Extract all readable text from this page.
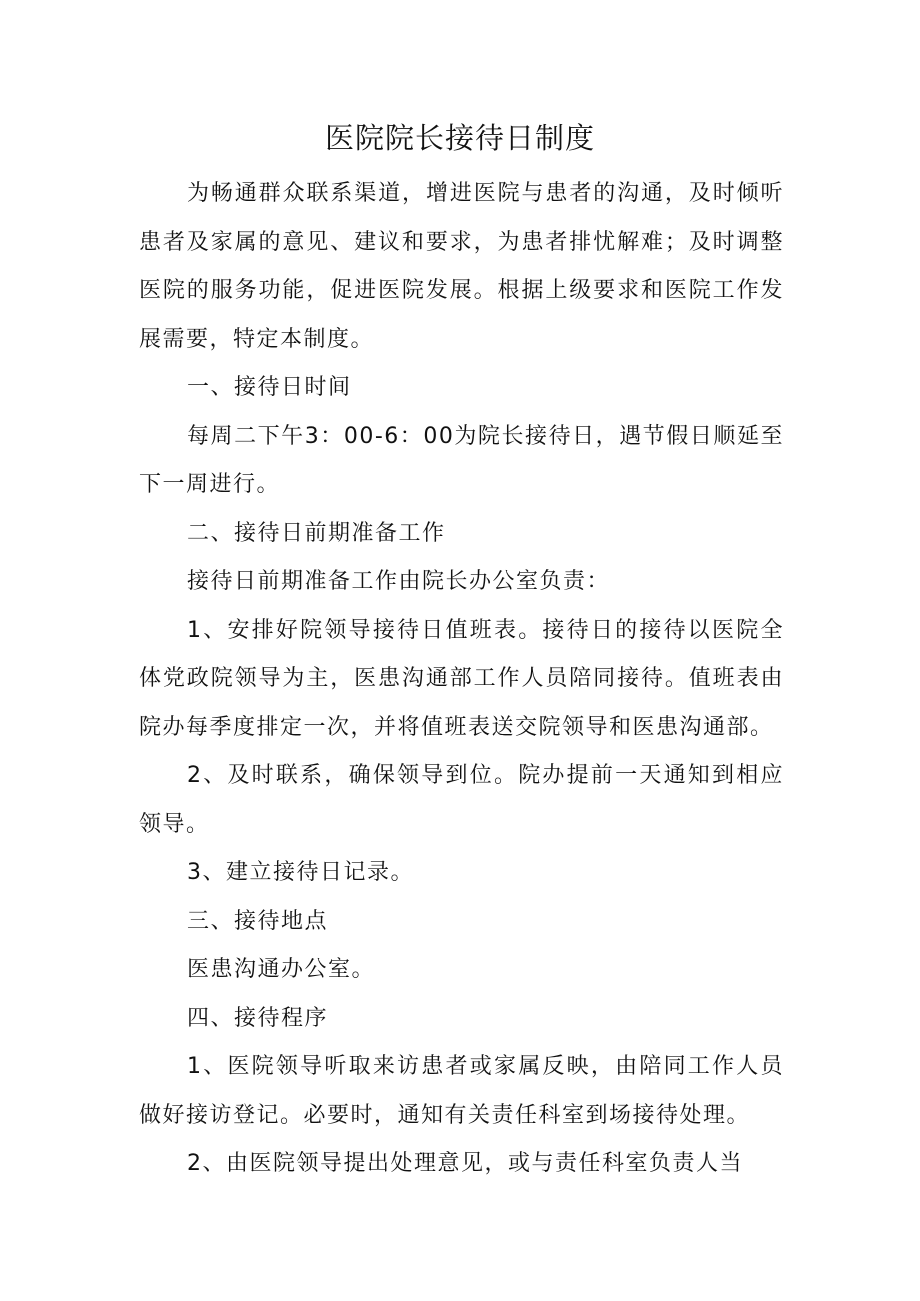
医院院长接待日制度

为畅通群众联系渠道，增进医院与患者的沟通，及时倾听患者及家属的意见、建议和要求，为患者排忧解难；及时调整医院的服务功能，促进医院发展。根据上级要求和医院工作发展需要，特定本制度。

一、接待日时间

每周二下午3：00-6：00为院长接待日，遇节假日顺延至下一周进行。

二、接待日前期准备工作

接待日前期准备工作由院长办公室负责：

1、安排好院领导接待日值班表。接待日的接待以医院全体党政院领导为主，医患沟通部工作人员陪同接待。值班表由院办每季度排定一次，并将值班表送交院领导和医患沟通部。

2、及时联系，确保领导到位。院办提前一天通知到相应领导。

3、建立接待日记录。

三、接待地点

医患沟通办公室。

四、接待程序

1、医院领导听取来访患者或家属反映，由陪同工作人员做好接访登记。必要时，通知有关责任科室到场接待处理。

2、由医院领导提出处理意见，或与责任科室负责人当
